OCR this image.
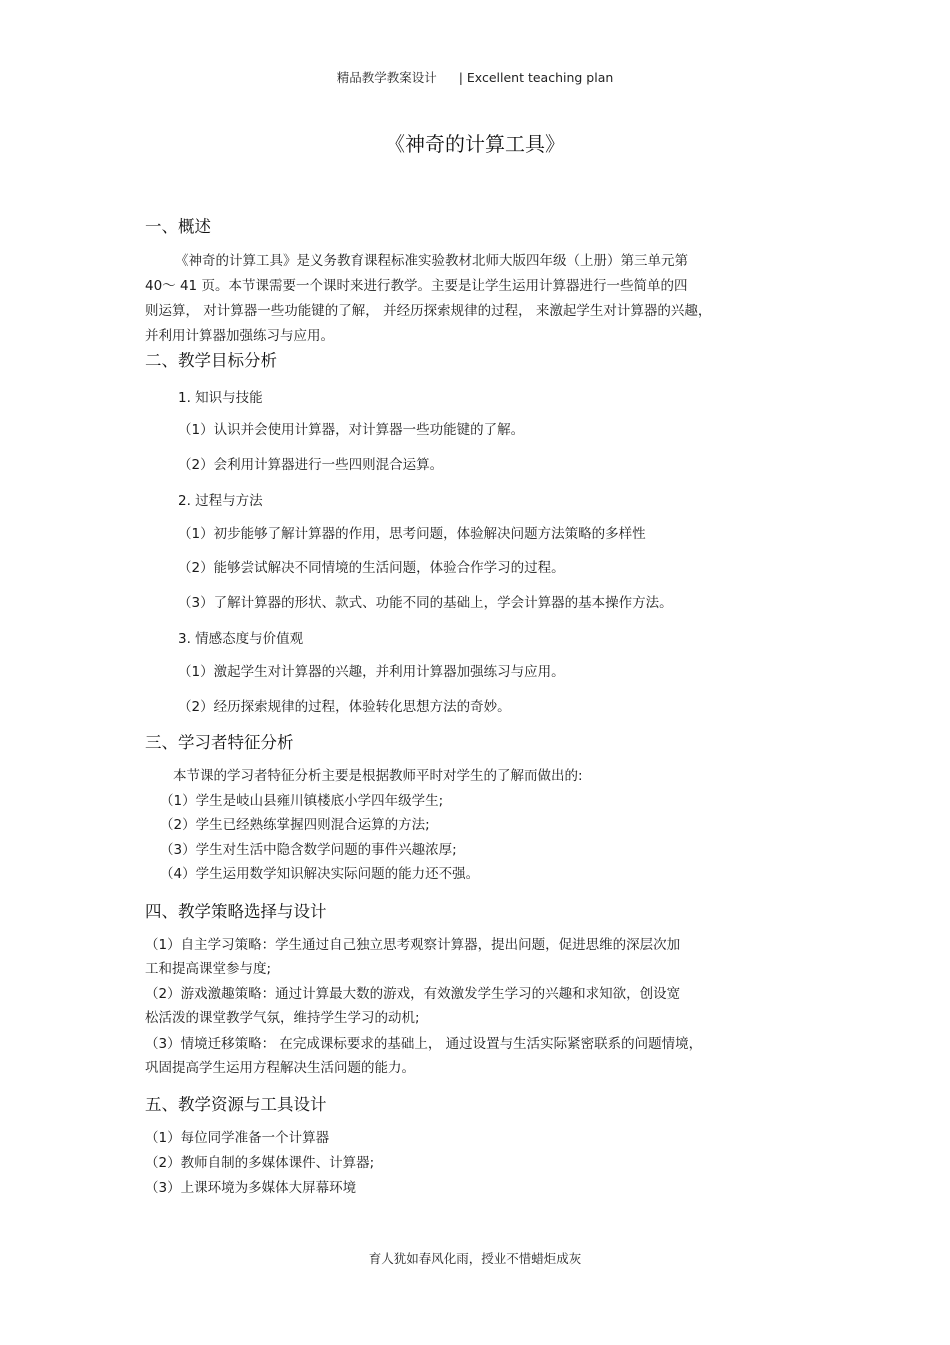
精品教学教案设计 | Excellent teaching plan
《神奇的计算工具》
一、概述
《神奇的计算工具》是义务教育课程标准实验教材北师大版四年级（上册）第三单元第
40～ 41 页。本节课需要一个课时来进行教学。主要是让学生运用计算器进行一些简单的四
则运算， 对计算器一些功能键的了解， 并经历探索规律的过程， 来激起学生对计算器的兴趣，
并利用计算器加强练习与应用。
二、教学目标分析
1. 知识与技能
（1）认识并会使用计算器，对计算器一些功能键的了解。
（2）会利用计算器进行一些四则混合运算。
2. 过程与方法
（1）初步能够了解计算器的作用，思考问题，体验解决问题方法策略的多样性
（2）能够尝试解决不同情境的生活问题，体验合作学习的过程。
（3）了解计算器的形状、款式、功能不同的基础上，学会计算器的基本操作方法。
3. 情感态度与价值观
（1）激起学生对计算器的兴趣，并利用计算器加强练习与应用。
（2）经历探索规律的过程，体验转化思想方法的奇妙。
三、学习者特征分析
本节课的学习者特征分析主要是根据教师平时对学生的了解而做出的:
（1）学生是岐山县雍川镇楼底小学四年级学生;
（2）学生已经熟练掌握四则混合运算的方法;
（3）学生对生活中隐含数学问题的事件兴趣浓厚;
（4）学生运用数学知识解决实际问题的能力还不强。
四、教学策略选择与设计
（1）自主学习策略：学生通过自己独立思考观察计算器，提出问题，促进思维的深层次加
工和提高课堂参与度;
（2）游戏激趣策略：通过计算最大数的游戏，有效激发学生学习的兴趣和求知欲，创设宽
松活泼的课堂教学气氛，维持学生学习的动机;
（3）情境迁移策略： 在完成课标要求的基础上， 通过设置与生活实际紧密联系的问题情境，
巩固提高学生运用方程解决生活问题的能力。
五、教学资源与工具设计
（1）每位同学准备一个计算器
（2）教师自制的多媒体课件、计算器;
（3）上课环境为多媒体大屏幕环境
育人犹如春风化雨，授业不惜蜡炬成灰
